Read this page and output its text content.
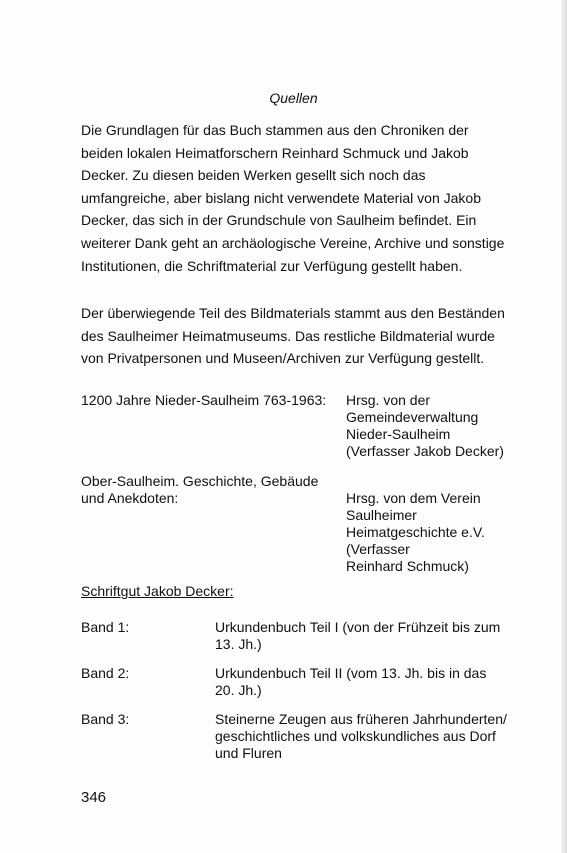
Quellen
Die Grundlagen für das Buch stammen aus den Chroniken der
beiden lokalen Heimatforschern Reinhard Schmuck und Jakob
Decker. Zu diesen beiden Werken gesellt sich noch das
umfangreiche, aber bislang nicht verwendete Material von Jakob
Decker, das sich in der Grundschule von Saulheim befindet. Ein
weiterer Dank geht an archäologische Vereine, Archive und sonstige
Institutionen, die Schriftmaterial zur Verfügung gestellt haben.
Der überwiegende Teil des Bildmaterials stammt aus den Beständen
des Saulheimer Heimatmuseums. Das restliche Bildmaterial wurde
von Privatpersonen und Museen/Archiven zur Verfügung gestellt.
1200 Jahre Nieder-Saulheim 763-1963: Hrsg. von der
Gemeindeverwaltung
Nieder-Saulheim
(Verfasser Jakob Decker)
Ober-Saulheim. Geschichte, Gebäude
und Anekdoten:	Hrsg. von dem Verein
Saulheimer
Heimatgeschichte e.V.
(Verfasser
Reinhard Schmuck)
Schriftgut Jakob Decker:
Band 1:	Urkundenbuch Teil I (von der Frühzeit bis zum
13. Jh.)
Band 2:	Urkundenbuch Teil II (vom 13. Jh. bis in das
20. Jh.)
Band 3:	Steinerne Zeugen aus früheren Jahrhunderten/
geschichtliches und volkskundliches aus Dorf
und Fluren
346
